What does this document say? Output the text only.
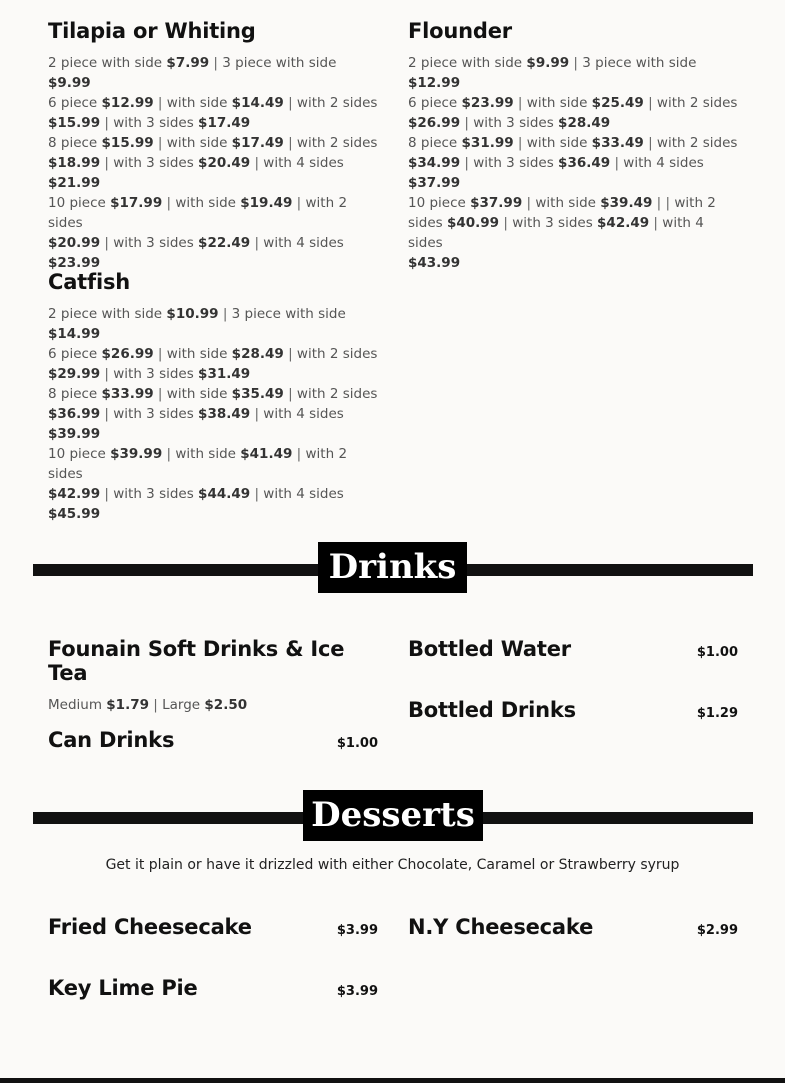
Tilapia or Whiting
2 piece with side $7.99 | 3 piece with side $9.99
6 piece $12.99 | with side $14.49 | with 2 sides
$15.99 | with 3 sides $17.49
8 piece $15.99 | with side $17.49 | with 2 sides
$18.99 | with 3 sides $20.49 | with 4 sides
$21.99
10 piece $17.99 | with side $19.49 | with 2 sides
$20.99 | with 3 sides $22.49 | with 4 sides
$23.99
Flounder
2 piece with side $9.99 | 3 piece with side $12.99
6 piece $23.99 | with side $25.49 | with 2 sides
$26.99 | with 3 sides $28.49
8 piece $31.99 | with side $33.49 | with 2 sides
$34.99 | with 3 sides $36.49 | with 4 sides
$37.99
10 piece $37.99 | with side $39.49 | | with 2
sides $40.99 | with 3 sides $42.49 | with 4 sides
$43.99
Catfish
2 piece with side $10.99 | 3 piece with side
$14.99
6 piece $26.99 | with side $28.49 | with 2 sides
$29.99 | with 3 sides $31.49
8 piece $33.99 | with side $35.49 | with 2 sides
$36.99 | with 3 sides $38.49 | with 4 sides
$39.99
10 piece $39.99 | with side $41.49 | with 2 sides
$42.99 | with 3 sides $44.49 | with 4 sides
$45.99
Drinks
Founain Soft Drinks & Ice Tea
Medium $1.79 | Large $2.50
Can Drinks	$1.00
Bottled Water	$1.00
Bottled Drinks	$1.29
Desserts
Get it plain or have it drizzled with either Chocolate, Caramel or Strawberry syrup
Fried Cheesecake	$3.99
Key Lime Pie	$3.99
N.Y Cheesecake	$2.99
